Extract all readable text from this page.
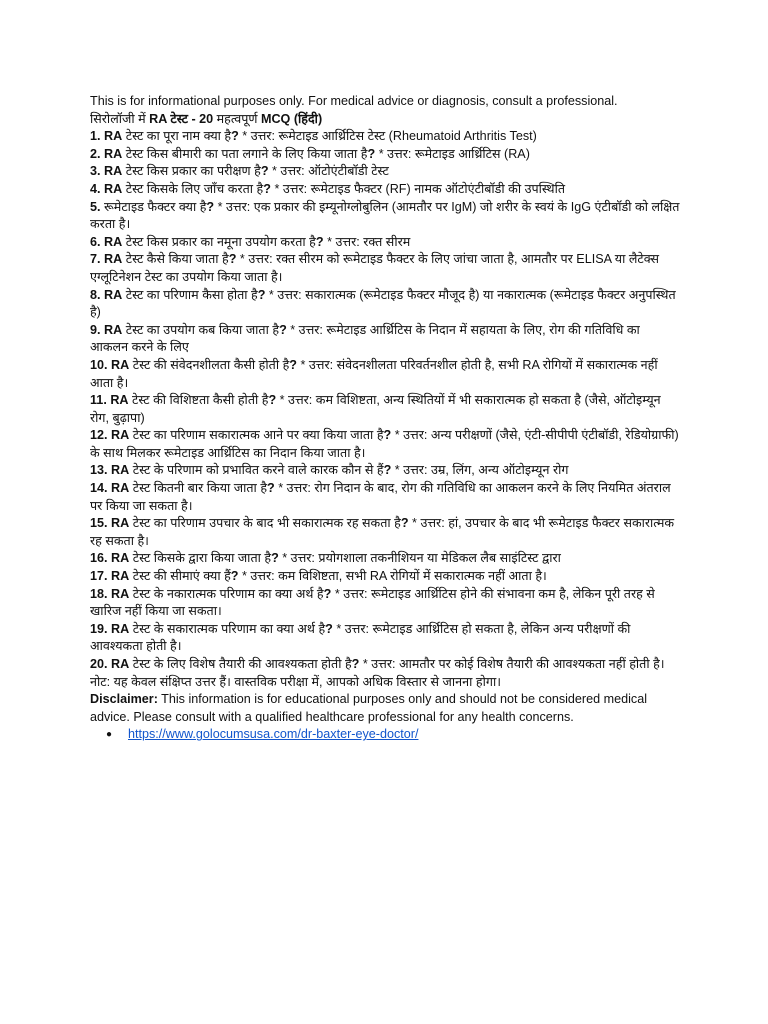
This is for informational purposes only. For medical advice or diagnosis, consult a professional.

सिरोलॉजी में RA टेस्ट - 20 महत्वपूर्ण MCQ (हिंदी)

1. RA टेस्ट का पूरा नाम क्या है? * उत्तर: रूमेटाइड आर्थ्रिटिस टेस्ट (Rheumatoid Arthritis Test)

2. RA टेस्ट किस बीमारी का पता लगाने के लिए किया जाता है? * उत्तर: रूमेटाइड आर्थ्रिटिस (RA)

3. RA टेस्ट किस प्रकार का परीक्षण है? * उत्तर: ऑटोएंटीबॉडी टेस्ट

4. RA टेस्ट किसके लिए जाँच करता है? * उत्तर: रूमेटाइड फैक्टर (RF) नामक ऑटोएंटीबॉडी की उपस्थिति

5. रूमेटाइड फैक्टर क्या है? * उत्तर: एक प्रकार की इम्यूनोग्लोबुलिन (आमतौर पर IgM) जो शरीर के स्वयं के IgG एंटीबॉडी को लक्षित करता है।

6. RA टेस्ट किस प्रकार का नमूना उपयोग करता है? * उत्तर: रक्त सीरम

7. RA टेस्ट कैसे किया जाता है? * उत्तर: रक्त सीरम को रूमेटाइड फैक्टर के लिए जांचा जाता है, आमतौर पर ELISA या लैटेक्स एग्लूटिनेशन टेस्ट का उपयोग किया जाता है।

8. RA टेस्ट का परिणाम कैसा होता है? * उत्तर: सकारात्मक (रूमेटाइड फैक्टर मौजूद है) या नकारात्मक (रूमेटाइड फैक्टर अनुपस्थित है)

9. RA टेस्ट का उपयोग कब किया जाता है? * उत्तर: रूमेटाइड आर्थ्रिटिस के निदान में सहायता के लिए, रोग की गतिविधि का आकलन करने के लिए

10. RA टेस्ट की संवेदनशीलता कैसी होती है? * उत्तर: संवेदनशीलता परिवर्तनशील होती है, सभी RA रोगियों में सकारात्मक नहीं आता है।

11. RA टेस्ट की विशिष्टता कैसी होती है? * उत्तर: कम विशिष्टता, अन्य स्थितियों में भी सकारात्मक हो सकता है (जैसे, ऑटोइम्यून रोग, बुढ़ापा)

12. RA टेस्ट का परिणाम सकारात्मक आने पर क्या किया जाता है? * उत्तर: अन्य परीक्षणों (जैसे, एंटी-सीपीपी एंटीबॉडी, रेडियोग्राफी) के साथ मिलकर रूमेटाइड आर्थ्रिटिस का निदान किया जाता है।

13. RA टेस्ट के परिणाम को प्रभावित करने वाले कारक कौन से हैं? * उत्तर: उम्र, लिंग, अन्य ऑटोइम्यून रोग

14. RA टेस्ट कितनी बार किया जाता है? * उत्तर: रोग निदान के बाद, रोग की गतिविधि का आकलन करने के लिए नियमित अंतराल पर किया जा सकता है।

15. RA टेस्ट का परिणाम उपचार के बाद भी सकारात्मक रह सकता है? * उत्तर: हां, उपचार के बाद भी रूमेटाइड फैक्टर सकारात्मक रह सकता है।

16. RA टेस्ट किसके द्वारा किया जाता है? * उत्तर: प्रयोगशाला तकनीशियन या मेडिकल लैब साइंटिस्ट द्वारा

17. RA टेस्ट की सीमाएं क्या हैं? * उत्तर: कम विशिष्टता, सभी RA रोगियों में सकारात्मक नहीं आता है।

18. RA टेस्ट के नकारात्मक परिणाम का क्या अर्थ है? * उत्तर: रूमेटाइड आर्थ्रिटिस होने की संभावना कम है, लेकिन पूरी तरह से खारिज नहीं किया जा सकता।

19. RA टेस्ट के सकारात्मक परिणाम का क्या अर्थ है? * उत्तर: रूमेटाइड आर्थ्रिटिस हो सकता है, लेकिन अन्य परीक्षणों की आवश्यकता होती है।

20. RA टेस्ट के लिए विशेष तैयारी की आवश्यकता होती है? * उत्तर: आमतौर पर कोई विशेष तैयारी की आवश्यकता नहीं होती है।

नोट: यह केवल संक्षिप्त उत्तर हैं। वास्तविक परीक्षा में, आपको अधिक विस्तार से जानना होगा।

Disclaimer: This information is for educational purposes only and should not be considered medical advice. Please consult with a qualified healthcare professional for any health concerns.

● https://www.golocumsusa.com/dr-baxter-eye-doctor/
